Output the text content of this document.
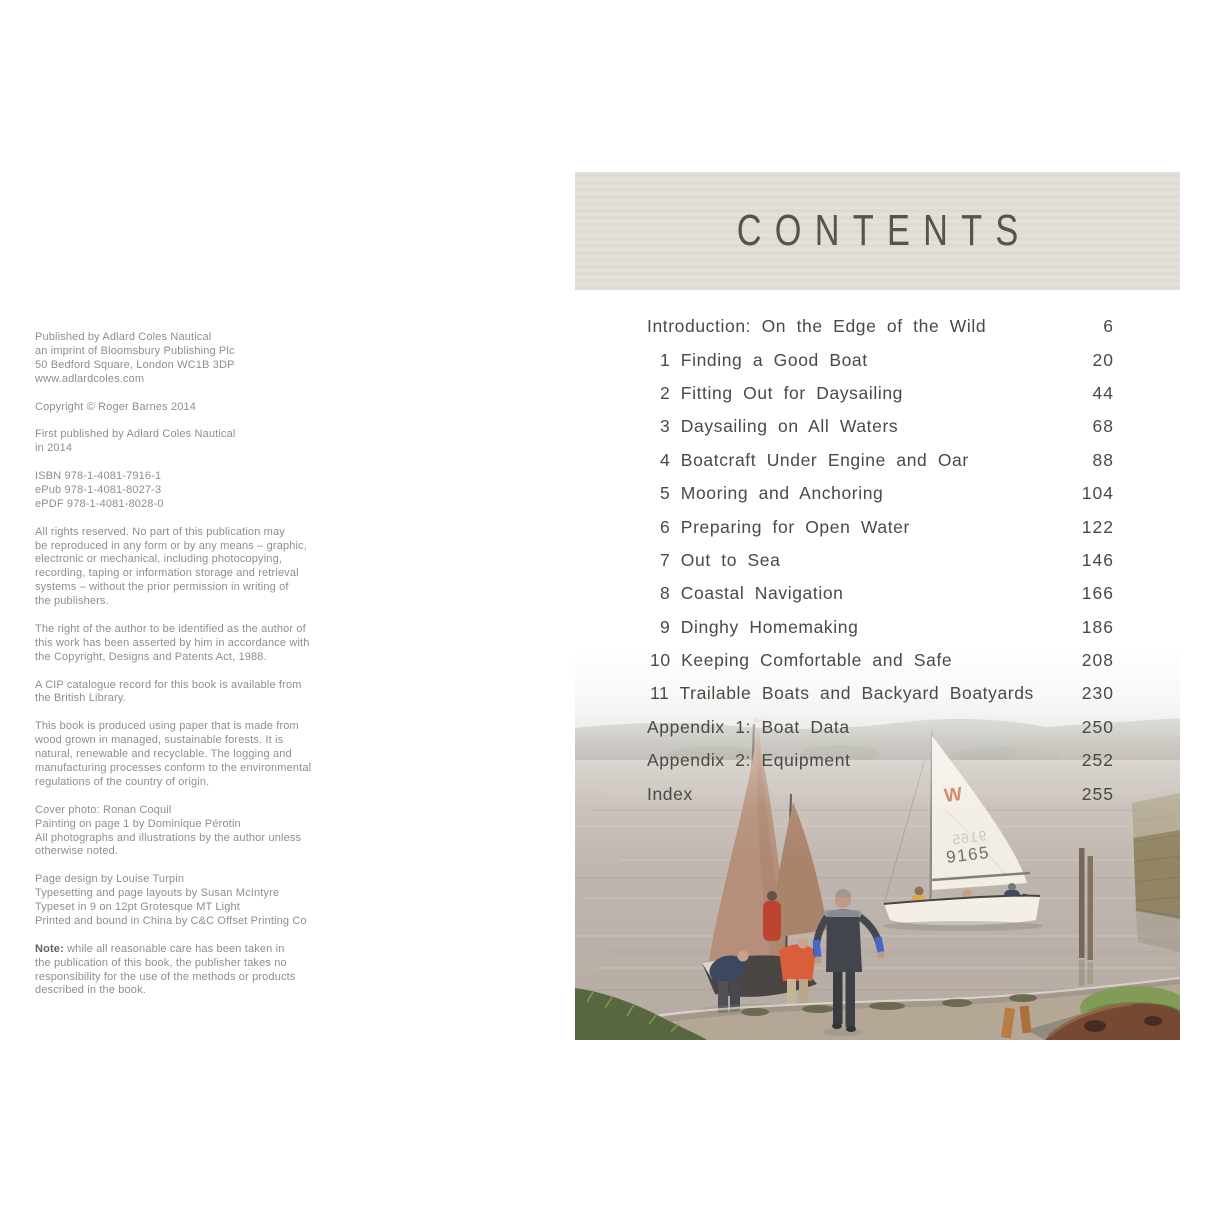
Published by Adlard Coles Nautical
an imprint of Bloomsbury Publishing Plc
50 Bedford Square, London WC1B 3DP
www.adlardcoles.com
Copyright © Roger Barnes 2014
First published by Adlard Coles Nautical
in 2014
ISBN 978-1-4081-7916-1
ePub 978-1-4081-8027-3
ePDF 978-1-4081-8028-0
All rights reserved. No part of this publication may
be reproduced in any form or by any means – graphic,
electronic or mechanical, including photocopying,
recording, taping or information storage and retrieval
systems – without the prior permission in writing of
the publishers.
The right of the author to be identified as the author of
this work has been asserted by him in accordance with
the Copyright, Designs and Patents Act, 1988.
A CIP catalogue record for this book is available from
the British Library.
This book is produced using paper that is made from
wood grown in managed, sustainable forests. It is
natural, renewable and recyclable. The logging and
manufacturing processes conform to the environmental
regulations of the country of origin.
Cover photo: Ronan Coquil
Painting on page 1 by Dominique Pérotin
All photographs and illustrations by the author unless
otherwise noted.
Page design by Louise Turpin
Typesetting and page layouts by Susan McIntyre
Typeset in 9 on 12pt Grotesque MT Light
Printed and bound in China by C&C Offset Printing Co
Note: while all reasonable care has been taken in
the publication of this book, the publisher takes no
responsibility for the use of the methods or products
described in the book.
CONTENTS
Introduction: On the Edge of the Wild	6
1 Finding a Good Boat	20
2 Fitting Out for Daysailing	44
3 Daysailing on All Waters	68
4 Boatcraft Under Engine and Oar	88
5 Mooring and Anchoring	104
6 Preparing for Open Water	122
7 Out to Sea	146
8 Coastal Navigation	166
9 Dinghy Homemaking	186
10 Keeping Comfortable and Safe	208
11 Trailable Boats and Backyard Boatyards	230
Appendix 1: Boat Data	250
Appendix 2: Equipment	252
Index	255
